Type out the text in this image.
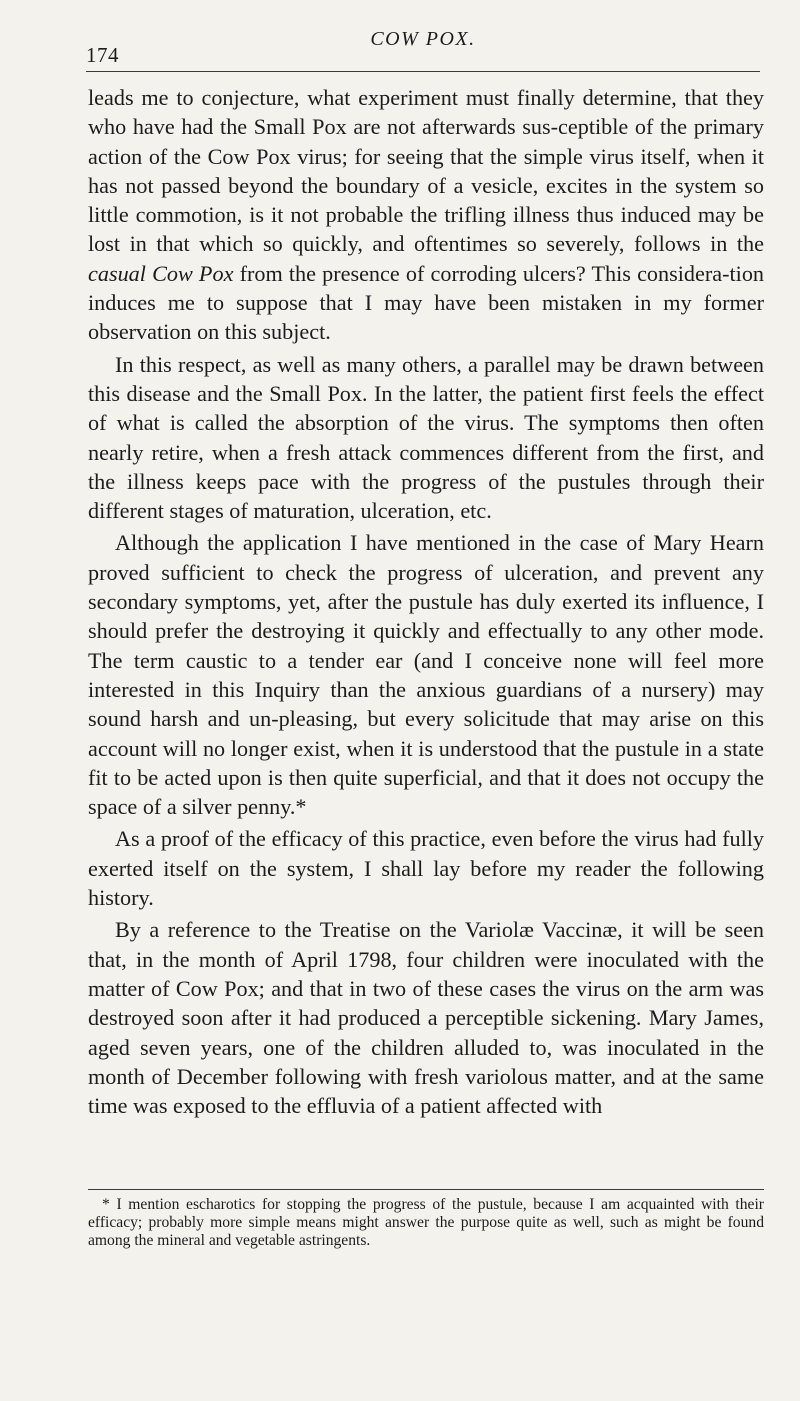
174
COW POX.

leads me to conjecture, what experiment must finally determine, that they who have had the Small Pox are not afterwards sus-ceptible of the primary action of the Cow Pox virus; for seeing that the simple virus itself, when it has not passed beyond the boundary of a vesicle, excites in the system so little commotion, is it not probable the trifling illness thus induced may be lost in that which so quickly, and oftentimes so severely, follows in the casual Cow Pox from the presence of corroding ulcers? This considera-tion induces me to suppose that I may have been mistaken in my former observation on this subject.

In this respect, as well as many others, a parallel may be drawn between this disease and the Small Pox. In the latter, the patient first feels the effect of what is called the absorption of the virus. The symptoms then often nearly retire, when a fresh attack commences different from the first, and the illness keeps pace with the progress of the pustules through their different stages of maturation, ulceration, etc.

Although the application I have mentioned in the case of Mary Hearn proved sufficient to check the progress of ulceration, and prevent any secondary symptoms, yet, after the pustule has duly exerted its influence, I should prefer the destroying it quickly and effectually to any other mode. The term caustic to a tender ear (and I conceive none will feel more interested in this Inquiry than the anxious guardians of a nursery) may sound harsh and un-pleasing, but every solicitude that may arise on this account will no longer exist, when it is understood that the pustule in a state fit to be acted upon is then quite superficial, and that it does not occupy the space of a silver penny.*

As a proof of the efficacy of this practice, even before the virus had fully exerted itself on the system, I shall lay before my reader the following history.

By a reference to the Treatise on the Variolæ Vaccinæ, it will be seen that, in the month of April 1798, four children were inoculated with the matter of Cow Pox; and that in two of these cases the virus on the arm was destroyed soon after it had produced a perceptible sickening. Mary James, aged seven years, one of the children alluded to, was inoculated in the month of December following with fresh variolous matter, and at the same time was exposed to the effluvia of a patient affected with

* I mention escharotics for stopping the progress of the pustule, because I am acquainted with their efficacy; probably more simple means might answer the purpose quite as well, such as might be found among the mineral and vegetable astringents.
